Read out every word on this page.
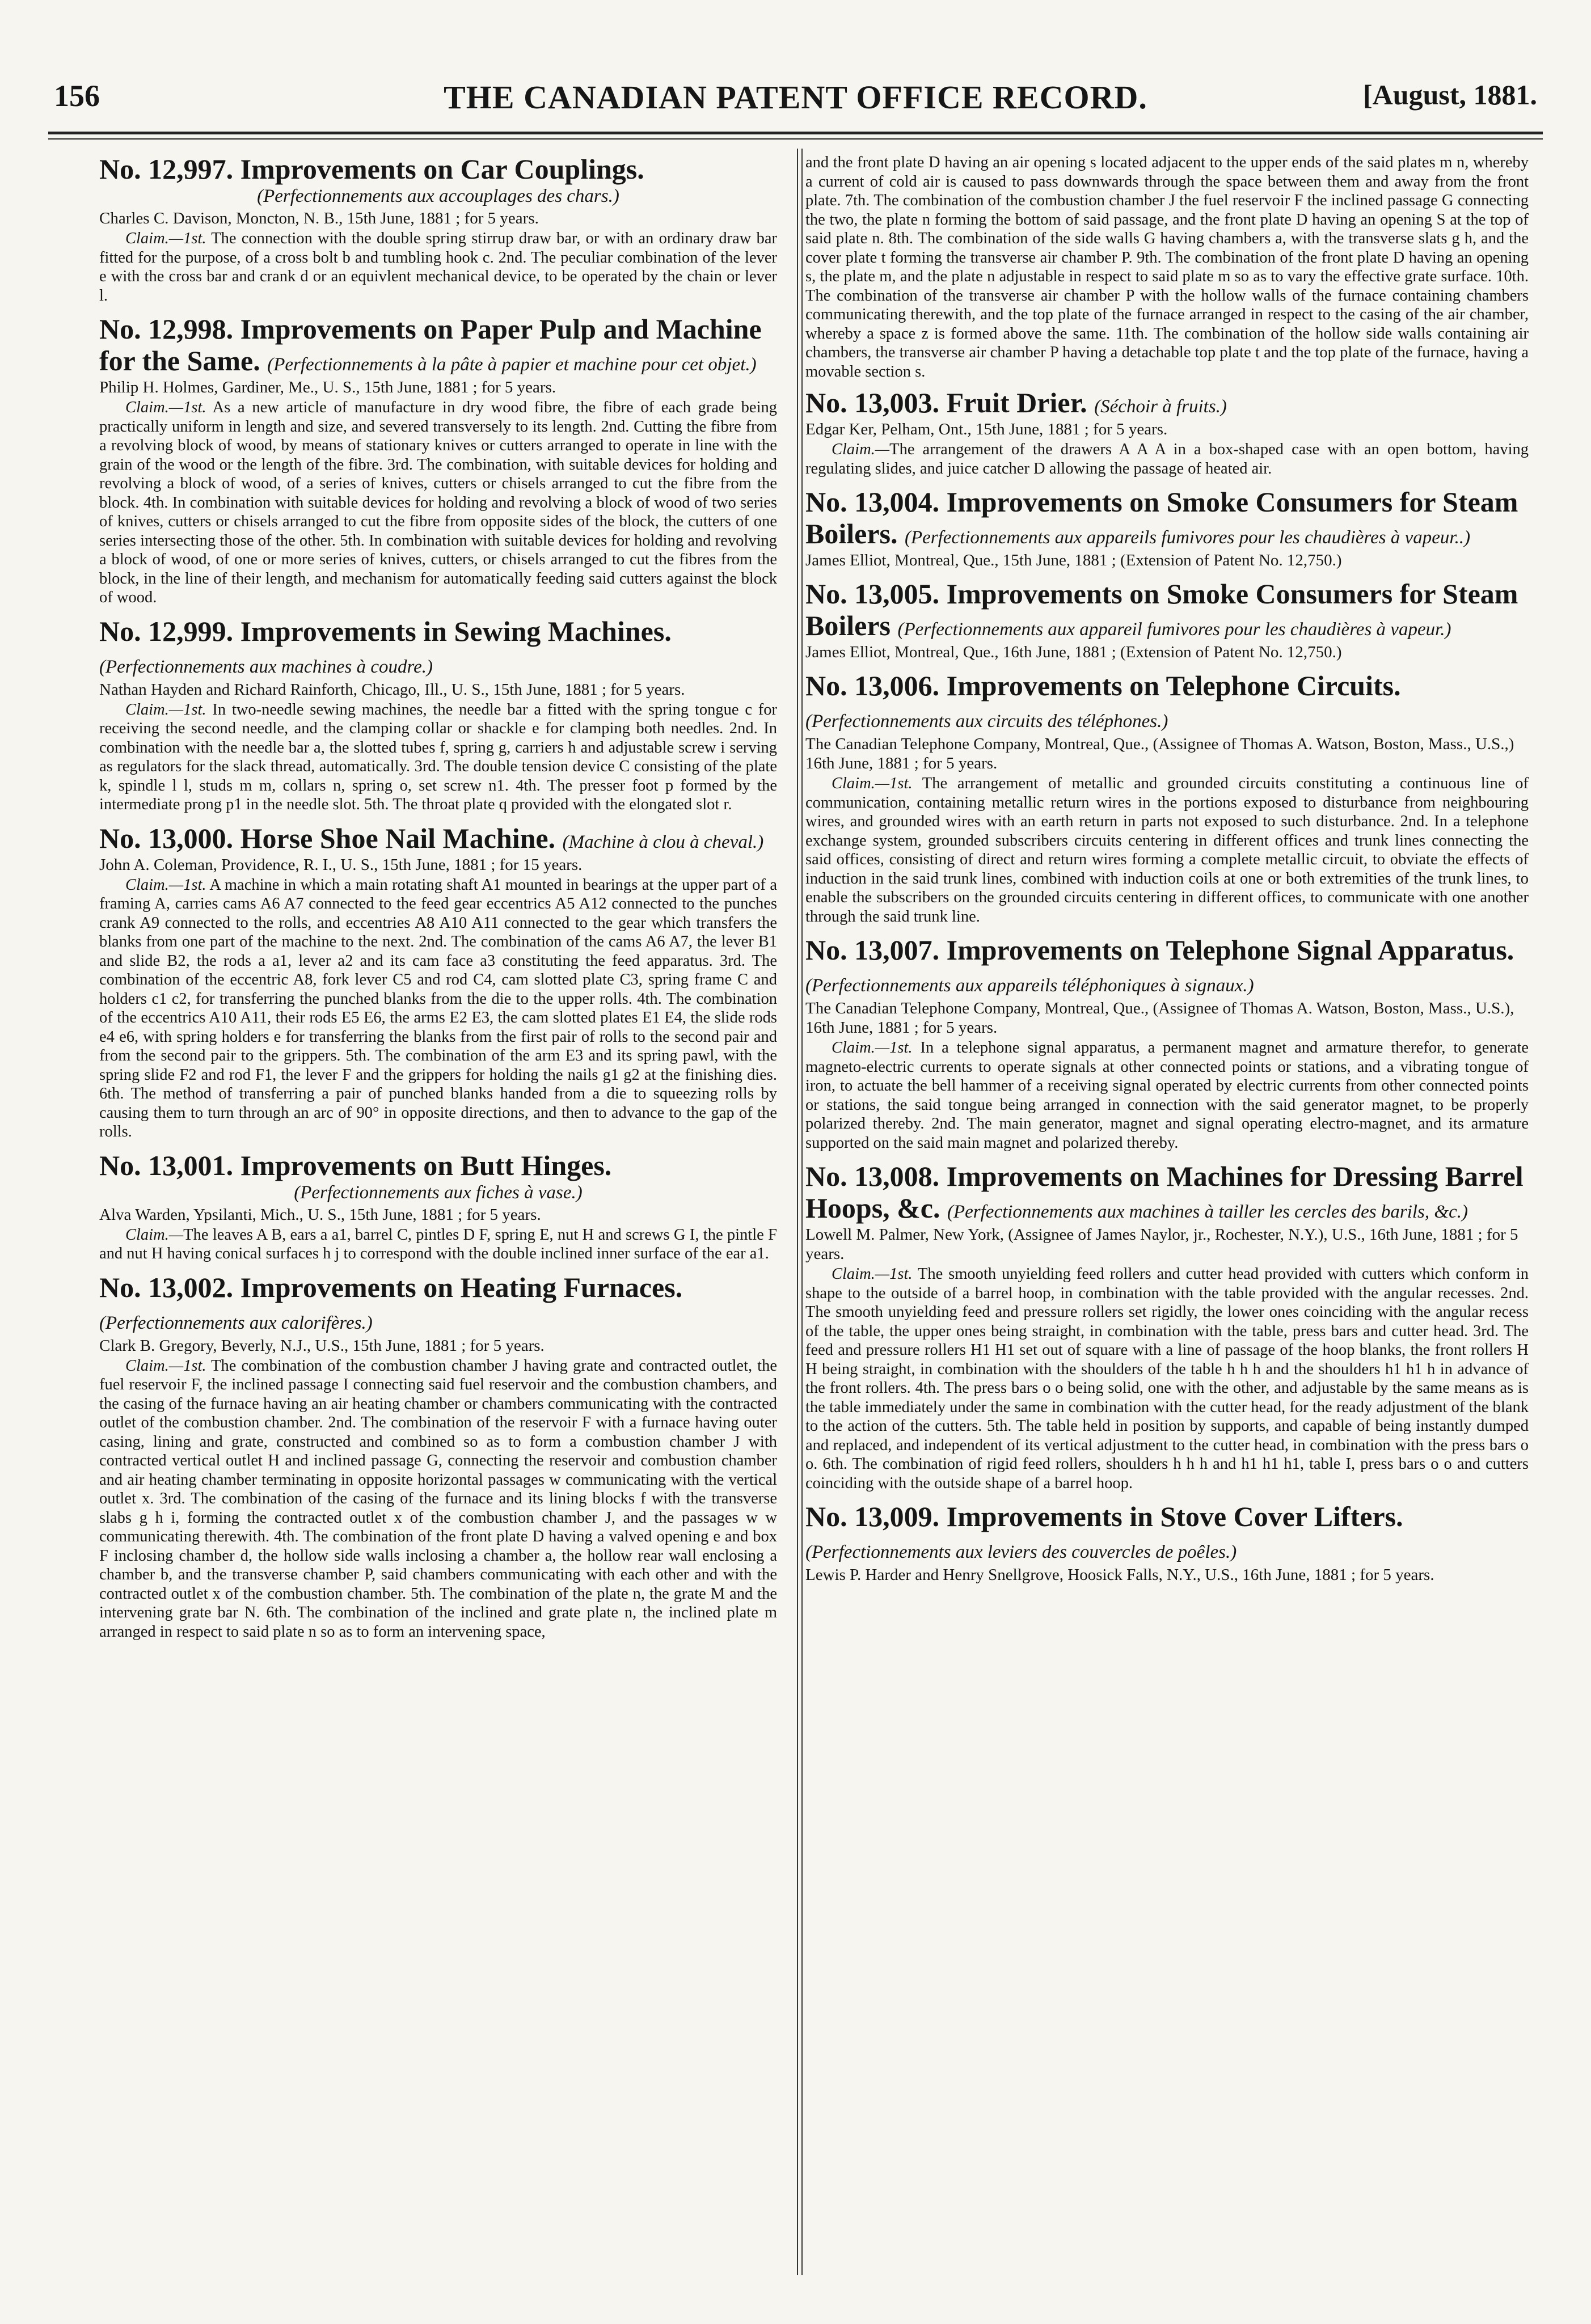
156	THE CANADIAN PATENT OFFICE RECORD.	[August, 1881.

No. 12,997. Improvements on Car Couplings.

(Perfectionnements aux accouplages des chars.)

Charles C. Davison, Moncton, N. B., 15th June, 1881 ; for 5 years.

Claim.—1st. The connection with the double spring stirrup draw bar, or with an ordinary draw bar fitted for the purpose, of a cross bolt b and tumbling hook c. 2nd. The peculiar combination of the lever e with the cross bar and crank d or an equivlent mechanical device, to be operated by the chain or lever l.

No. 12,998. Improvements on Paper Pulp and Machine for the Same. (Perfectionnements à la pâte à papier et machine pour cet objet.)

Philip H. Holmes, Gardiner, Me., U. S., 15th June, 1881 ; for 5 years.

Claim.—1st. As a new article of manufacture in dry wood fibre, the fibre of each grade being practically uniform in length and size, and severed transversely to its length. 2nd. Cutting the fibre from a revolving block of wood, by means of stationary knives or cutters arranged to operate in line with the grain of the wood or the length of the fibre. 3rd. The combination, with suitable devices for holding and revolving a block of wood, of a series of knives, cutters or chisels arranged to cut the fibre from the block. 4th. In combination with suitable devices for holding and revolving a block of wood of two series of knives, cutters or chisels arranged to cut the fibre from opposite sides of the block, the cutters of one series intersecting those of the other. 5th. In combination with suitable devices for holding and revolving a block of wood, of one or more series of knives, cutters, or chisels arranged to cut the fibres from the block, in the line of their length, and mechanism for automatically feeding said cutters against the block of wood.

No. 12,999. Improvements in Sewing Machines. (Perfectionnements aux machines à coudre.)

Nathan Hayden and Richard Rainforth, Chicago, Ill., U. S., 15th June, 1881 ; for 5 years.

Claim.—1st. In two-needle sewing machines, the needle bar a fitted with the spring tongue c for receiving the second needle, and the clamping collar or shackle e for clamping both needles. 2nd. In combination with the needle bar a, the slotted tubes f, spring g, carriers h and adjustable screw i serving as regulators for the slack thread, automatically. 3rd. The double tension device C consisting of the plate k, spindle l l, studs m m, collars n, spring o, set screw n1. 4th. The presser foot p formed by the intermediate prong p1 in the needle slot. 5th. The throat plate q provided with the elongated slot r.

No. 13,000. Horse Shoe Nail Machine. (Machine à clou à cheval.)

John A. Coleman, Providence, R. I., U. S., 15th June, 1881 ; for 15 years.

Claim.—1st. A machine in which a main rotating shaft A1 mounted in bearings at the upper part of a framing A, carries cams A6 A7 connected to the feed gear eccentrics A5 A12 connected to the punches crank A9 connected to the rolls, and eccentries A8 A10 A11 connected to the gear which transfers the blanks from one part of the machine to the next. 2nd. The combination of the cams A6 A7, the lever B1 and slide B2, the rods a a1, lever a2 and its cam face a3 constituting the feed apparatus. 3rd. The combination of the eccentric A8, fork lever C5 and rod C4, cam slotted plate C3, spring frame C and holders c1 c2, for transferring the punched blanks from the die to the upper rolls. 4th. The combination of the eccentrics A10 A11, their rods E5 E6, the arms E2 E3, the cam slotted plates E1 E4, the slide rods e4 e6, with spring holders e for transferring the blanks from the first pair of rolls to the second pair and from the second pair to the grippers. 5th. The combination of the arm E3 and its spring pawl, with the spring slide F2 and rod F1, the lever F and the grippers for holding the nails g1 g2 at the finishing dies. 6th. The method of transferring a pair of punched blanks handed from a die to squeezing rolls by causing them to turn through an arc of 90° in opposite directions, and then to advance to the gap of the rolls.

No. 13,001. Improvements on Butt Hinges.

(Perfectionnements aux fiches à vase.)

Alva Warden, Ypsilanti, Mich., U. S., 15th June, 1881 ; for 5 years.

Claim.—The leaves A B, ears a a1, barrel C, pintles D F, spring E, nut H and screws G I, the pintle F and nut H having conical surfaces h j to correspond with the double inclined inner surface of the ear a1.

No. 13,002. Improvements on Heating Furnaces. (Perfectionnements aux calorifères.)

Clark B. Gregory, Beverly, N.J., U.S., 15th June, 1881 ; for 5 years.

Claim.—1st. The combination of the combustion chamber J having grate and contracted outlet, the fuel reservoir F, the inclined passage I connecting said fuel reservoir and the combustion chambers, and the casing of the furnace having an air heating chamber or chambers communicating with the contracted outlet of the combustion chamber. 2nd. The combination of the reservoir F with a furnace having outer casing, lining and grate, constructed and combined so as to form a combustion chamber J with contracted vertical outlet H and inclined passage G, connecting the reservoir and combustion chamber and air heating chamber terminating in opposite horizontal passages w communicating with the vertical outlet x. 3rd. The combination of the casing of the furnace and its lining blocks f with the transverse slabs g h i, forming the contracted outlet x of the combustion chamber J, and the passages w w communicating therewith. 4th. The combination of the front plate D having a valved opening e and box F inclosing chamber d, the hollow side walls inclosing a chamber a, the hollow rear wall enclosing a chamber b, and the transverse chamber P, said chambers communicating with each other and with the contracted outlet x of the combustion chamber. 5th. The combination of the plate n, the grate M and the intervening grate bar N. 6th. The combination of the inclined and grate plate n, the inclined plate m arranged in respect to said plate n so as to form an intervening space,

and the front plate D having an air opening s located adjacent to the upper ends of the said plates m n, whereby a current of cold air is caused to pass downwards through the space between them and away from the front plate. 7th. The combination of the combustion chamber J the fuel reservoir F the inclined passage G connecting the two, the plate n forming the bottom of said passage, and the front plate D having an opening S at the top of said plate n. 8th. The combination of the side walls G having chambers a, with the transverse slats g h, and the cover plate t forming the transverse air chamber P. 9th. The combination of the front plate D having an opening s, the plate m, and the plate n adjustable in respect to said plate m so as to vary the effective grate surface. 10th. The combination of the transverse air chamber P with the hollow walls of the furnace containing chambers communicating therewith, and the top plate of the furnace arranged in respect to the casing of the air chamber, whereby a space z is formed above the same. 11th. The combination of the hollow side walls containing air chambers, the transverse air chamber P having a detachable top plate t and the top plate of the furnace, having a movable section s.

No. 13,003. Fruit Drier. (Séchoir à fruits.)

Edgar Ker, Pelham, Ont., 15th June, 1881 ; for 5 years.

Claim.—The arrangement of the drawers A A A in a box-shaped case with an open bottom, having regulating slides, and juice catcher D allowing the passage of heated air.

No. 13,004. Improvements on Smoke Consumers for Steam Boilers. (Perfectionnements aux appareils fumivores pour les chaudières à vapeur..)

James Elliot, Montreal, Que., 15th June, 1881 ; (Extension of Patent No. 12,750.)

No. 13,005. Improvements on Smoke Consumers for Steam Boilers (Perfectionnements aux appareil fumivores pour les chaudières à vapeur.)

James Elliot, Montreal, Que., 16th June, 1881 ; (Extension of Patent No. 12,750.)

No. 13,006. Improvements on Telephone Circuits. (Perfectionnements aux circuits des téléphones.)

The Canadian Telephone Company, Montreal, Que., (Assignee of Thomas A. Watson, Boston, Mass., U.S.,) 16th June, 1881 ; for 5 years.

Claim.—1st. The arrangement of metallic and grounded circuits constituting a continuous line of communication, containing metallic return wires in the portions exposed to disturbance from neighbouring wires, and grounded wires with an earth return in parts not exposed to such disturbance. 2nd. In a telephone exchange system, grounded subscribers circuits centering in different offices and trunk lines connecting the said offices, consisting of direct and return wires forming a complete metallic circuit, to obviate the effects of induction in the said trunk lines, combined with induction coils at one or both extremities of the trunk lines, to enable the subscribers on the grounded circuits centering in different offices, to communicate with one another through the said trunk line.

No. 13,007. Improvements on Telephone Signal Apparatus. (Perfectionnements aux appareils téléphoniques à signaux.)

The Canadian Telephone Company, Montreal, Que., (Assignee of Thomas A. Watson, Boston, Mass., U.S.), 16th June, 1881 ; for 5 years.

Claim.—1st. In a telephone signal apparatus, a permanent magnet and armature therefor, to generate magneto-electric currents to operate signals at other connected points or stations, and a vibrating tongue of iron, to actuate the bell hammer of a receiving signal operated by electric currents from other connected points or stations, the said tongue being arranged in connection with the said generator magnet, to be properly polarized thereby. 2nd. The main generator, magnet and signal operating electro-magnet, and its armature supported on the said main magnet and polarized thereby.

No. 13,008. Improvements on Machines for Dressing Barrel Hoops, &c. (Perfectionnements aux machines à tailler les cercles des barils, &c.)

Lowell M. Palmer, New York, (Assignee of James Naylor, jr., Rochester, N.Y.), U.S., 16th June, 1881 ; for 5 years.

Claim.—1st. The smooth unyielding feed rollers and cutter head provided with cutters which conform in shape to the outside of a barrel hoop, in combination with the table provided with the angular recesses. 2nd. The smooth unyielding feed and pressure rollers set rigidly, the lower ones coinciding with the angular recess of the table, the upper ones being straight, in combination with the table, press bars and cutter head. 3rd. The feed and pressure rollers H1 H1 set out of square with a line of passage of the hoop blanks, the front rollers H H being straight, in combination with the shoulders of the table h h h and the shoulders h1 h1 h in advance of the front rollers. 4th. The press bars o o being solid, one with the other, and adjustable by the same means as is the table immediately under the same in combination with the cutter head, for the ready adjustment of the blank to the action of the cutters. 5th. The table held in position by supports, and capable of being instantly dumped and replaced, and independent of its vertical adjustment to the cutter head, in combination with the press bars o o. 6th. The combination of rigid feed rollers, shoulders h h h and h1 h1 h1, table I, press bars o o and cutters coinciding with the outside shape of a barrel hoop.

No. 13,009. Improvements in Stove Cover Lifters. (Perfectionnements aux leviers des couvercles de poêles.)

Lewis P. Harder and Henry Snellgrove, Hoosick Falls, N.Y., U.S., 16th June, 1881 ; for 5 years.
